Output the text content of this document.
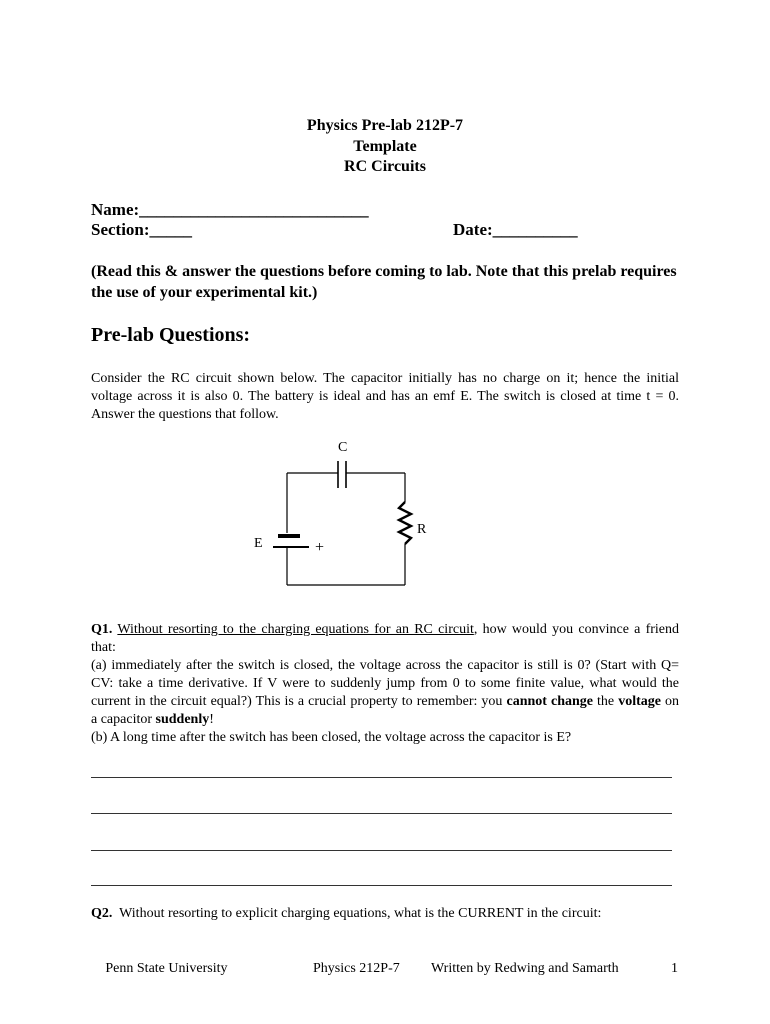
Physics Pre-lab 212P-7
Template
RC Circuits
Name:___________________________
Section:_____	Date:__________
(Read this & answer the questions before coming to lab. Note that this prelab requires the use of your experimental kit.)
Pre-lab Questions:
Consider the RC circuit shown below. The capacitor initially has no charge on it; hence the initial voltage across it is also 0. The battery is ideal and has an emf E. The switch is closed at time t = 0. Answer the questions that follow.
C
R
E	+
Q1. Without resorting to the charging equations for an RC circuit, how would you convince a friend that:
(a) immediately after the switch is closed, the voltage across the capacitor is still is 0? (Start with Q= CV: take a time derivative. If V were to suddenly jump from 0 to some finite value, what would the current in the circuit equal?) This is a crucial property to remember: you cannot change the voltage on a capacitor suddenly!
(b) A long time after the switch has been closed, the voltage across the capacitor is E?
Q2. Without resorting to explicit charging equations, what is the CURRENT in the circuit:
  Penn State University	Physics 212P-7 Written by Redwing and Samarth	1
